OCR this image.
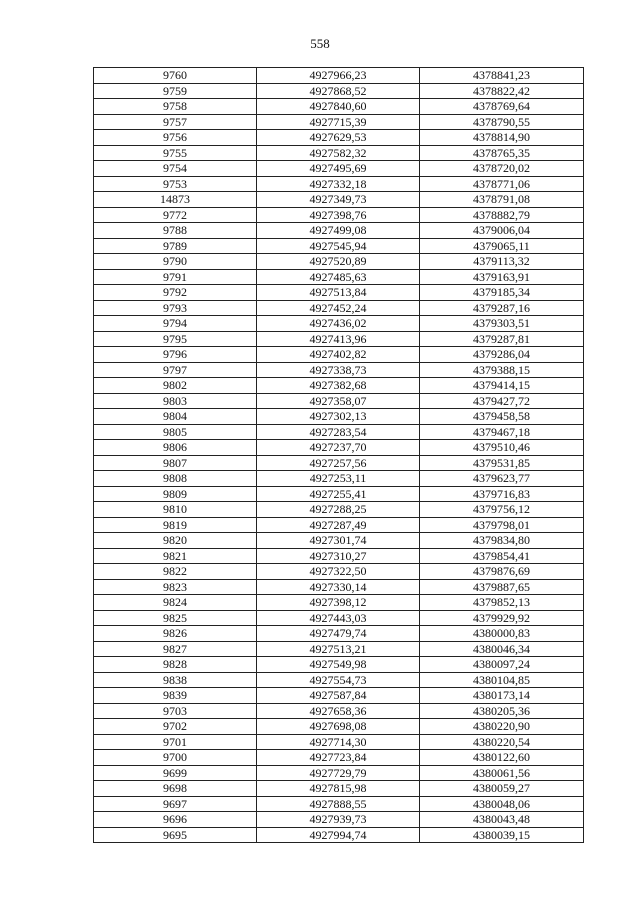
558
9760	4927966,23	4378841,23
9759	4927868,52	4378822,42
9758	4927840,60	4378769,64
9757	4927715,39	4378790,55
9756	4927629,53	4378814,90
9755	4927582,32	4378765,35
9754	4927495,69	4378720,02
9753	4927332,18	4378771,06
14873	4927349,73	4378791,08
9772	4927398,76	4378882,79
9788	4927499,08	4379006,04
9789	4927545,94	4379065,11
9790	4927520,89	4379113,32
9791	4927485,63	4379163,91
9792	4927513,84	4379185,34
9793	4927452,24	4379287,16
9794	4927436,02	4379303,51
9795	4927413,96	4379287,81
9796	4927402,82	4379286,04
9797	4927338,73	4379388,15
9802	4927382,68	4379414,15
9803	4927358,07	4379427,72
9804	4927302,13	4379458,58
9805	4927283,54	4379467,18
9806	4927237,70	4379510,46
9807	4927257,56	4379531,85
9808	4927253,11	4379623,77
9809	4927255,41	4379716,83
9810	4927288,25	4379756,12
9819	4927287,49	4379798,01
9820	4927301,74	4379834,80
9821	4927310,27	4379854,41
9822	4927322,50	4379876,69
9823	4927330,14	4379887,65
9824	4927398,12	4379852,13
9825	4927443,03	4379929,92
9826	4927479,74	4380000,83
9827	4927513,21	4380046,34
9828	4927549,98	4380097,24
9838	4927554,73	4380104,85
9839	4927587,84	4380173,14
9703	4927658,36	4380205,36
9702	4927698,08	4380220,90
9701	4927714,30	4380220,54
9700	4927723,84	4380122,60
9699	4927729,79	4380061,56
9698	4927815,98	4380059,27
9697	4927888,55	4380048,06
9696	4927939,73	4380043,48
9695	4927994,74	4380039,15
